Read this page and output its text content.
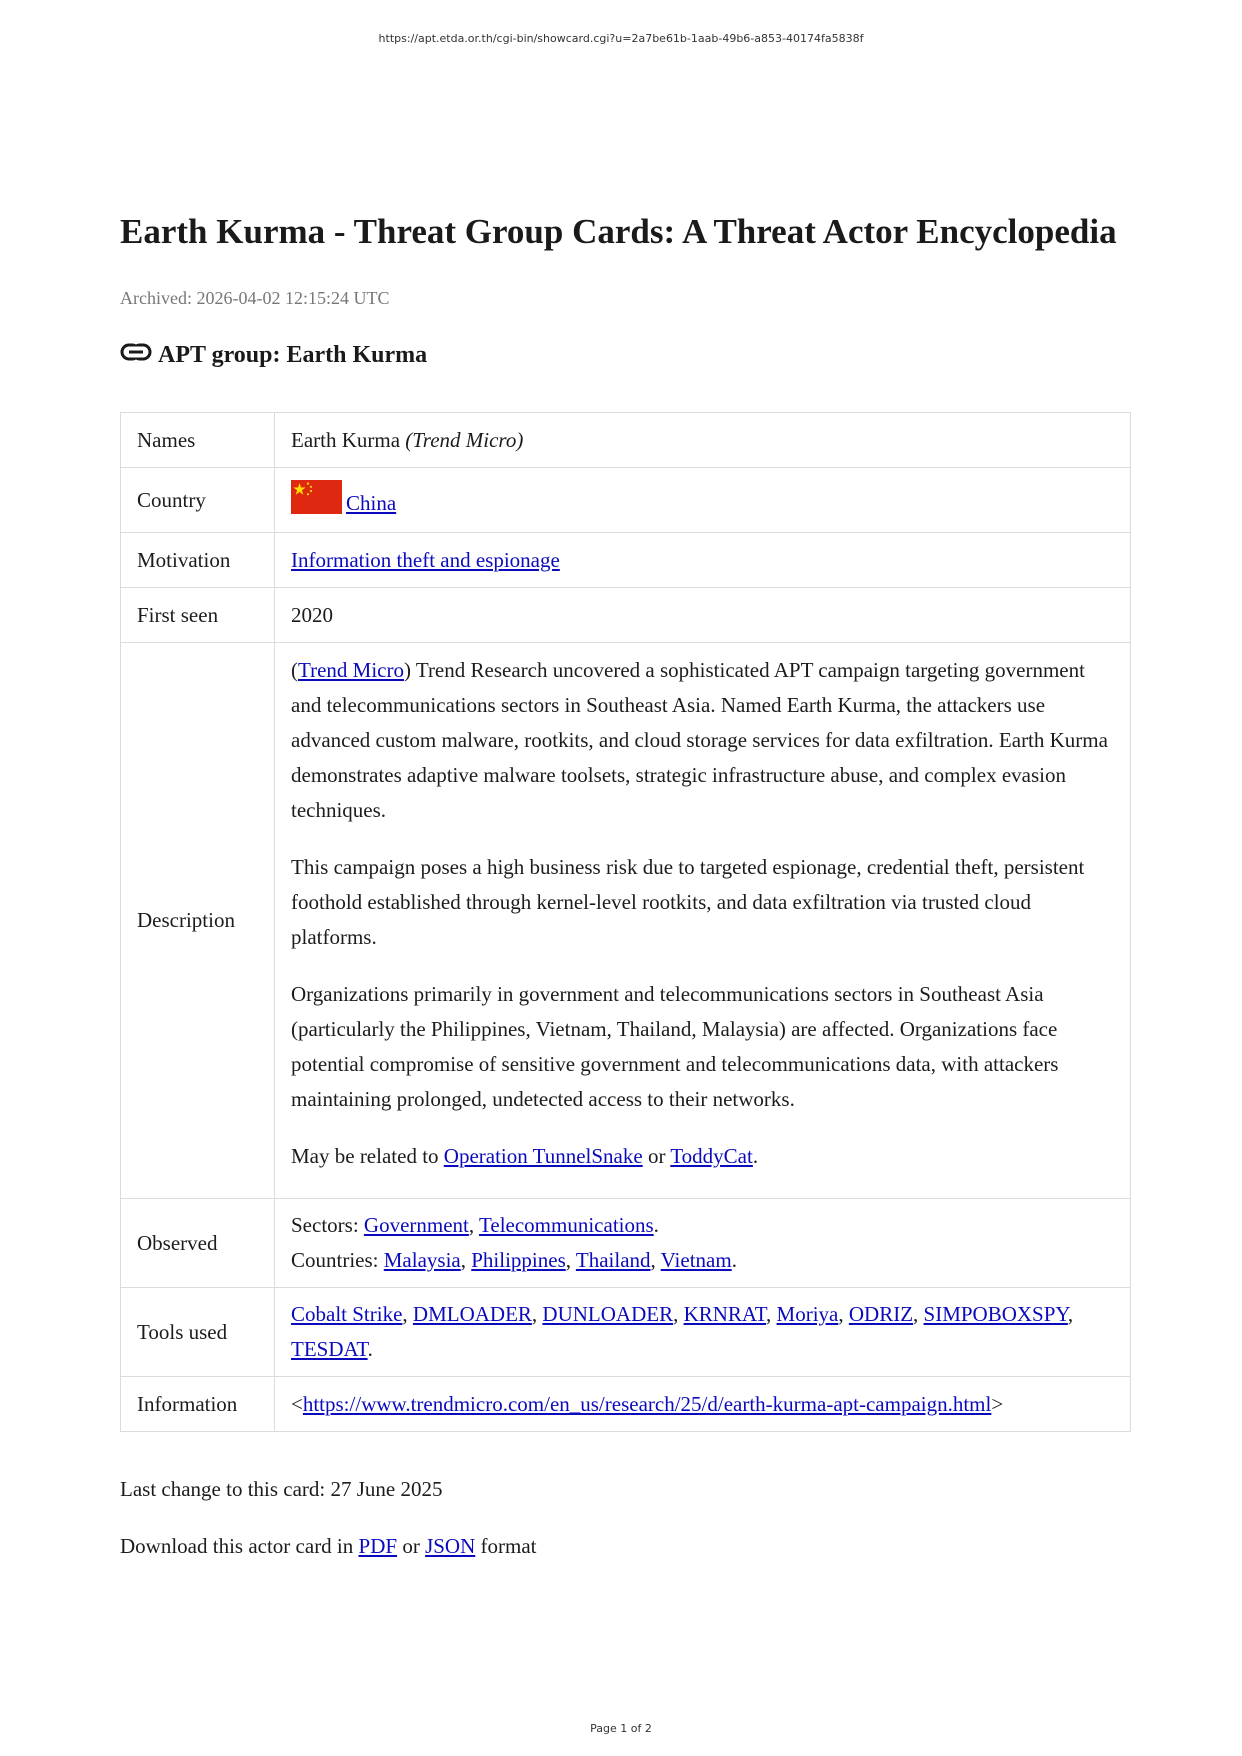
https://apt.etda.or.th/cgi-bin/showcard.cgi?u=2a7be61b-1aab-49b6-a853-40174fa5838f
Earth Kurma - Threat Group Cards: A Threat Actor Encyclopedia
Archived: 2026-04-02 12:15:24 UTC
APT group: Earth Kurma
Names	Earth Kurma (Trend Micro)
Country	China
Motivation	Information theft and espionage
First seen	2020
Description	(Trend Micro) Trend Research uncovered a sophisticated APT campaign targeting government and telecommunications sectors in Southeast Asia. Named Earth Kurma, the attackers use advanced custom malware, rootkits, and cloud storage services for data exfiltration. Earth Kurma demonstrates adaptive malware toolsets, strategic infrastructure abuse, and complex evasion techniques.

This campaign poses a high business risk due to targeted espionage, credential theft, persistent foothold established through kernel-level rootkits, and data exfiltration via trusted cloud platforms.

Organizations primarily in government and telecommunications sectors in Southeast Asia (particularly the Philippines, Vietnam, Thailand, Malaysia) are affected. Organizations face potential compromise of sensitive government and telecommunications data, with attackers maintaining prolonged, undetected access to their networks.

May be related to Operation TunnelSnake or ToddyCat.

Observed	Sectors: Government, Telecommunications.
Countries: Malaysia, Philippines, Thailand, Vietnam.

Tools used	Cobalt Strike, DMLOADER, DUNLOADER, KRNRAT, Moriya, ODRIZ, SIMPOBOXSPY, TESDAT.
Information	<https://www.trendmicro.com/en_us/research/25/d/earth-kurma-apt-campaign.html>
Last change to this card: 27 June 2025
Download this actor card in PDF or JSON format
Page 1 of 2
